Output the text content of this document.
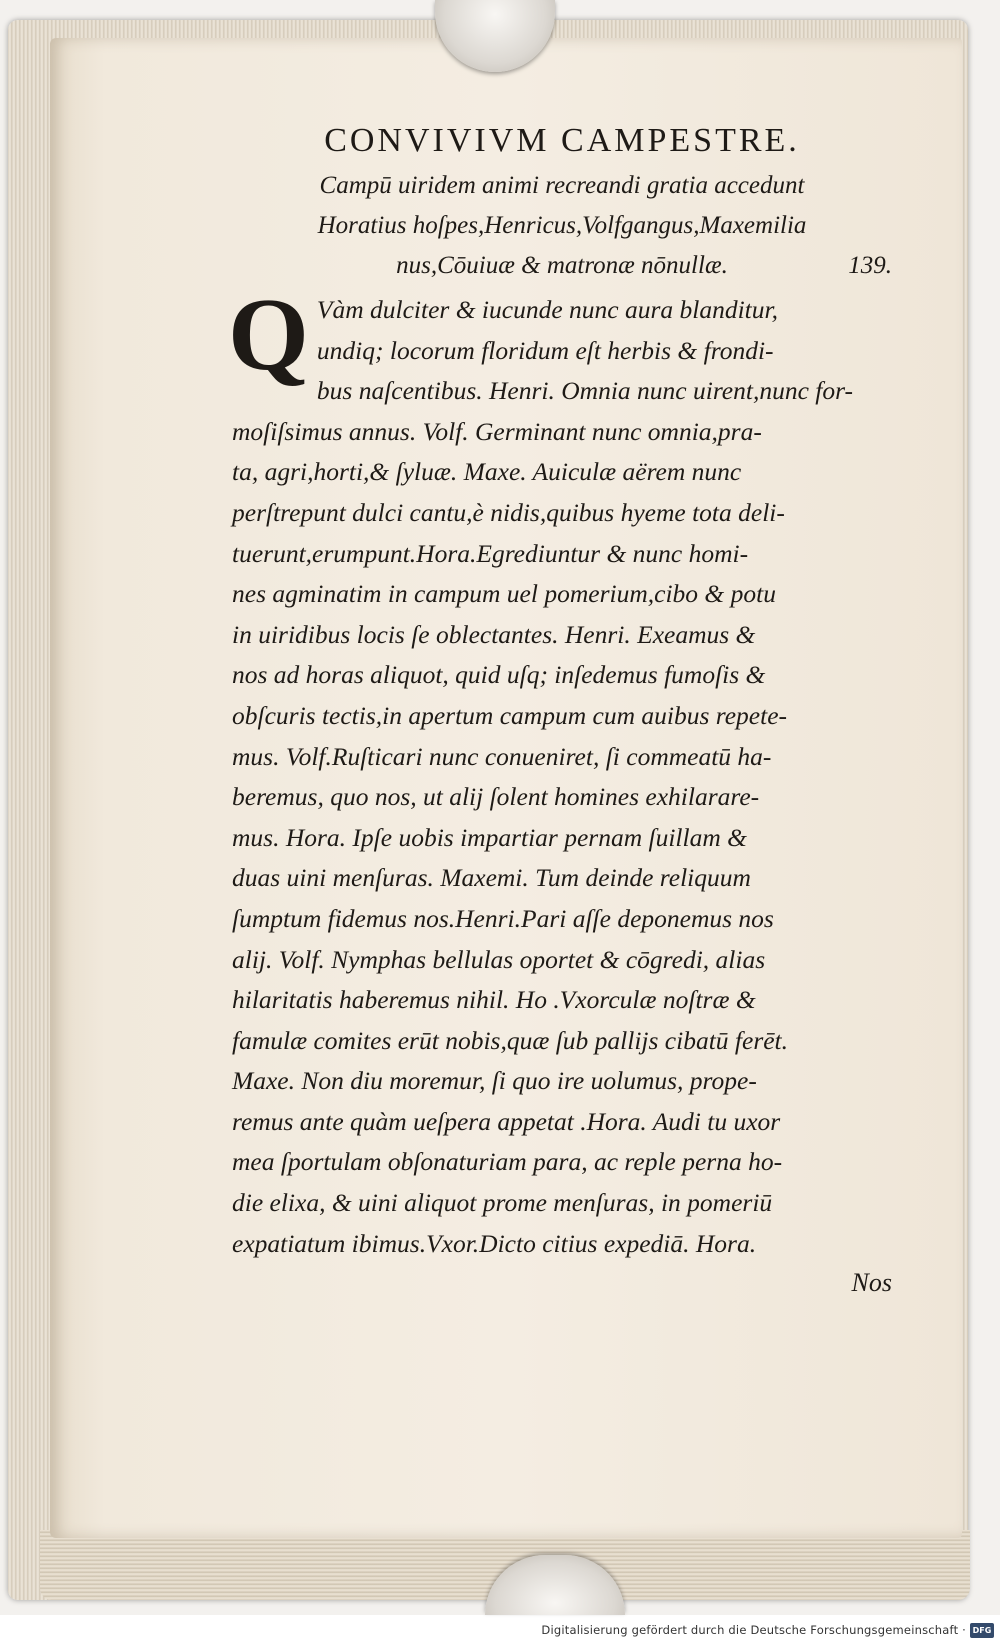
CONVIVIVM CAMPESTRE.
Campū uiridem animi recreandi gratia accedunt
Horatius hoſpes,Henricus,Volfgangus,Maxemilia
nus,Cōuiuæ & matronæ nōnullæ.	139.
Q Vàm dulciter & iucunde nunc aura blanditur,
undiq; locorum floridum eſt herbis & frondi-
bus naſcentibus. Henri. Omnia nunc uirent,nunc for-
moſiſsimus annus. Volf. Germinant nunc omnia,pra-
ta, agri,horti,& ſyluæ. Maxe. Auiculæ aërem nunc
perſtrepunt dulci cantu,è nidis,quibus hyeme tota deli-
tuerunt,erumpunt.Hora.Egrediuntur & nunc homi-
nes agminatim in campum uel pomerium,cibo & potu
in uiridibus locis ſe oblectantes. Henri. Exeamus &
nos ad horas aliquot, quid uſq; inſedemus fumoſis &
obſcuris tectis,in apertum campum cum auibus repete-
mus. Volf.Ruſticari nunc conueniret, ſi commeatū ha-
beremus, quo nos, ut alij ſolent homines exhilarare-
mus. Hora. Ipſe uobis impartiar pernam ſuillam &
duas uini menſuras. Maxemi. Tum deinde reliquum
ſumptum fidemus nos.Henri.Pari aſſe deponemus nos
alij. Volf. Nymphas bellulas oportet & cōgredi, alias
hilaritatis haberemus nihil. Ho .Vxorculæ noſtræ &
famulæ comites erūt nobis,quæ ſub pallijs cibatū ferēt.
Maxe. Non diu moremur, ſi quo ire uolumus, prope-
remus ante quàm ueſpera appetat .Hora. Audi tu uxor
mea ſportulam obſonaturiam para, ac reple perna ho-
die elixa, & uini aliquot prome menſuras, in pomeriū
expatiatum ibimus.Vxor.Dicto citius expediā. Hora.
Nos
Digitalisierung gefördert durch die Deutsche Forschungsgemeinschaft · DFG
